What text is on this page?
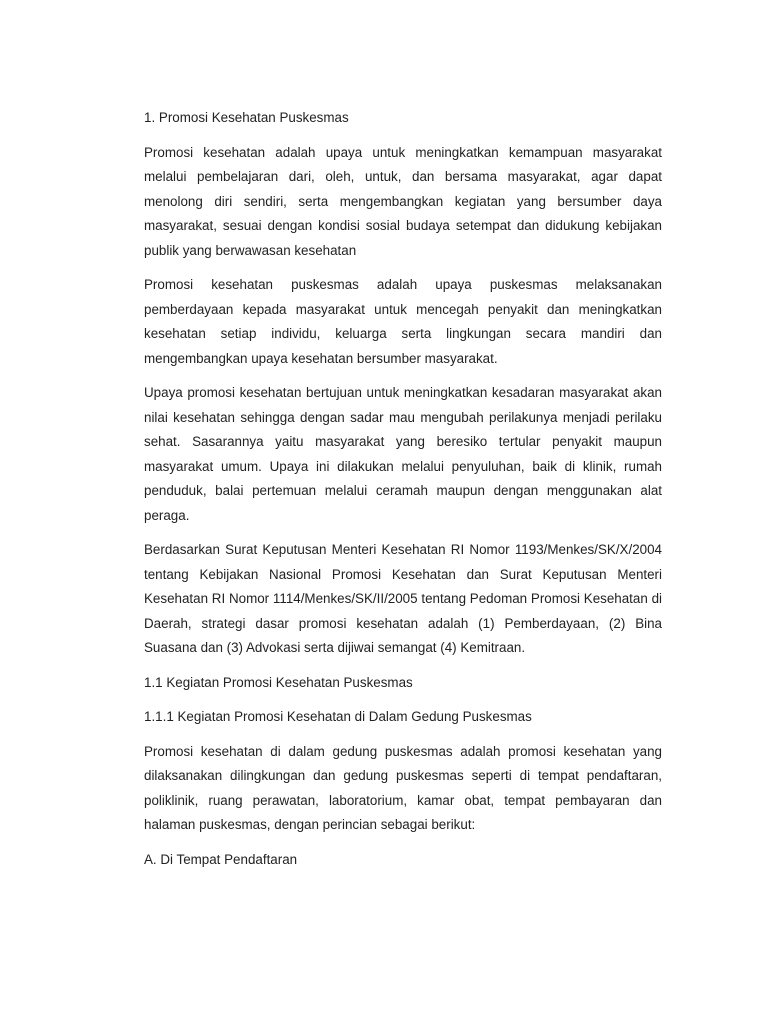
1. Promosi Kesehatan Puskesmas

Promosi kesehatan adalah upaya untuk meningkatkan kemampuan masyarakat melalui pembelajaran dari, oleh, untuk, dan bersama masyarakat, agar dapat menolong diri sendiri, serta mengembangkan kegiatan yang bersumber daya masyarakat, sesuai dengan kondisi sosial budaya setempat dan didukung kebijakan publik yang berwawasan kesehatan

Promosi kesehatan puskesmas adalah upaya puskesmas melaksanakan pemberdayaan kepada masyarakat untuk mencegah penyakit dan meningkatkan kesehatan setiap individu, keluarga serta lingkungan secara mandiri dan mengembangkan upaya kesehatan bersumber masyarakat.

Upaya promosi kesehatan bertujuan untuk meningkatkan kesadaran masyarakat akan nilai kesehatan sehingga dengan sadar mau mengubah perilakunya menjadi perilaku sehat. Sasarannya yaitu masyarakat yang beresiko tertular penyakit maupun masyarakat umum. Upaya ini dilakukan melalui penyuluhan, baik di klinik, rumah penduduk, balai pertemuan melalui ceramah maupun dengan menggunakan alat peraga.

Berdasarkan Surat Keputusan Menteri Kesehatan RI Nomor 1193/Menkes/SK/X/2004 tentang Kebijakan Nasional Promosi Kesehatan dan Surat Keputusan Menteri Kesehatan RI Nomor 1114/Menkes/SK/II/2005 tentang Pedoman Promosi Kesehatan di Daerah, strategi dasar promosi kesehatan adalah (1) Pemberdayaan, (2) Bina Suasana dan (3) Advokasi serta dijiwai semangat (4) Kemitraan.

1.1 Kegiatan Promosi Kesehatan Puskesmas

1.1.1 Kegiatan Promosi Kesehatan di Dalam Gedung Puskesmas

Promosi kesehatan di dalam gedung puskesmas adalah promosi kesehatan yang dilaksanakan dilingkungan dan gedung puskesmas seperti di tempat pendaftaran, poliklinik, ruang perawatan, laboratorium, kamar obat, tempat pembayaran dan halaman puskesmas, dengan perincian sebagai berikut:

A. Di Tempat Pendaftaran
